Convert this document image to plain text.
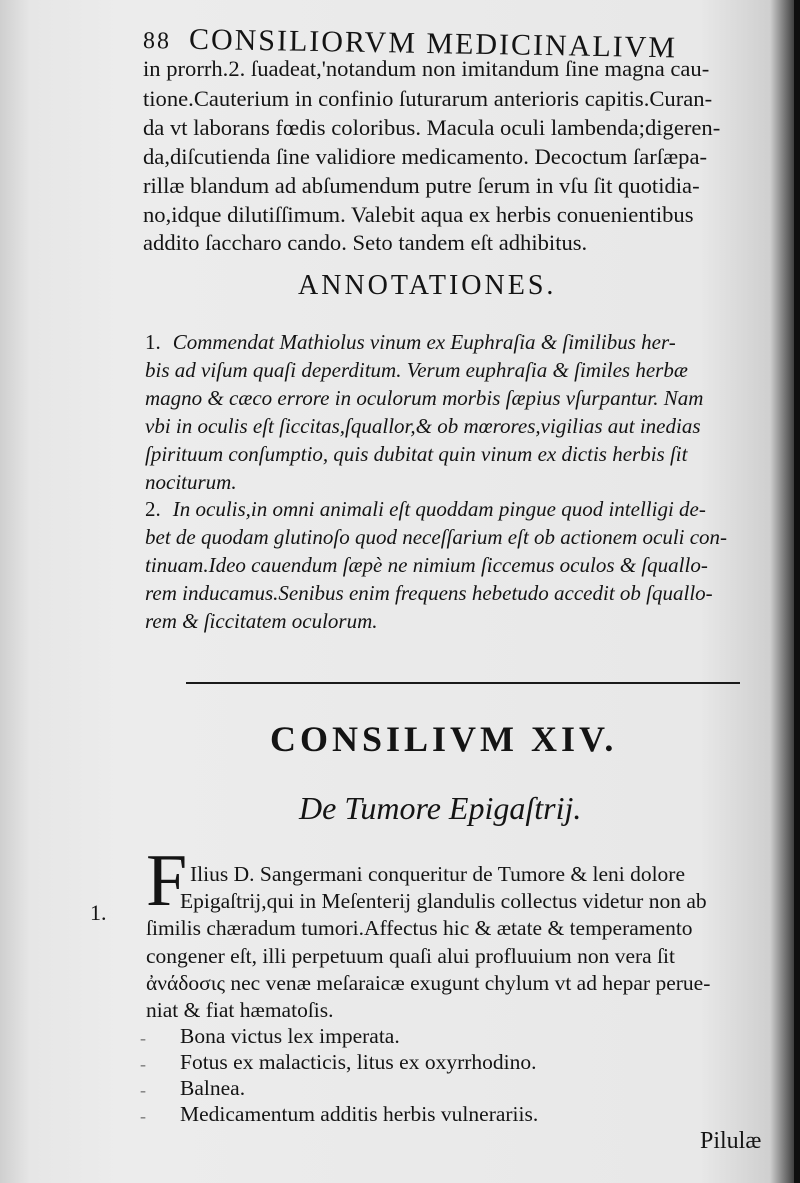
88 CONSILIORVM MEDICINALIVM
in prorrh.2. ſuadeat,'notandum non imitandum ſine magna cau-
tione.Cauterium in confinio ſuturarum anterioris capitis.Curan-
da vt laborans fœdis coloribus. Macula oculi lambenda;digeren-
da,diſcutienda ſine validiore medicamento. Decoctum ſarſæpa-
rillæ blandum ad abſumendum putre ſerum in vſu ſit quotidia-
no,idque dilutiſſimum. Valebit aqua ex herbis conuenientibus
addito ſaccharo cando. Seto tandem eſt adhibitus.
ANNOTATIONES.
1. Commendat Mathiolus vinum ex Euphraſia & ſimilibus her-
bis ad viſum quaſi deperditum. Verum euphraſia & ſimiles herbæ
magno & cæco errore in oculorum morbis ſæpius vſurpantur. Nam
vbi in oculis eſt ſiccitas,ſquallor,& ob mœrores,vigilias aut inedias
ſpirituum conſumptio, quis dubitat quin vinum ex dictis herbis ſit
nociturum.
2. In oculis,in omni animali eſt quoddam pingue quod intelligi de-
bet de quodam glutinoſo quod neceſſarium eſt ob actionem oculi con-
tinuam.Ideo cauendum ſæpè ne nimium ſiccemus oculos & ſquallo-
rem inducamus.Senibus enim frequens hebetudo accedit ob ſquallo-
rem & ſiccitatem oculorum.
CONSILIVM XIV.
De Tumore Epigaſtrij.
F
1.
Ilius D. Sangermani conqueritur de Tumore & leni dolore
Epigaſtrij,qui in Meſenterij glandulis collectus videtur non ab
ſimilis chæradum tumori.Affectus hic & ætate & temperamento
congener eſt, illi perpetuum quaſi alui profluuium non vera ſit
ἀνάδοσις nec venæ meſaraicæ exugunt chylum vt ad hepar perue-
niat & fiat hæmatoſis.
- Bona victus lex imperata.
- Fotus ex malacticis, litus ex oxyrrhodino.
- Balnea.
- Medicamentum additis herbis vulnerariis.
Pilulæ
